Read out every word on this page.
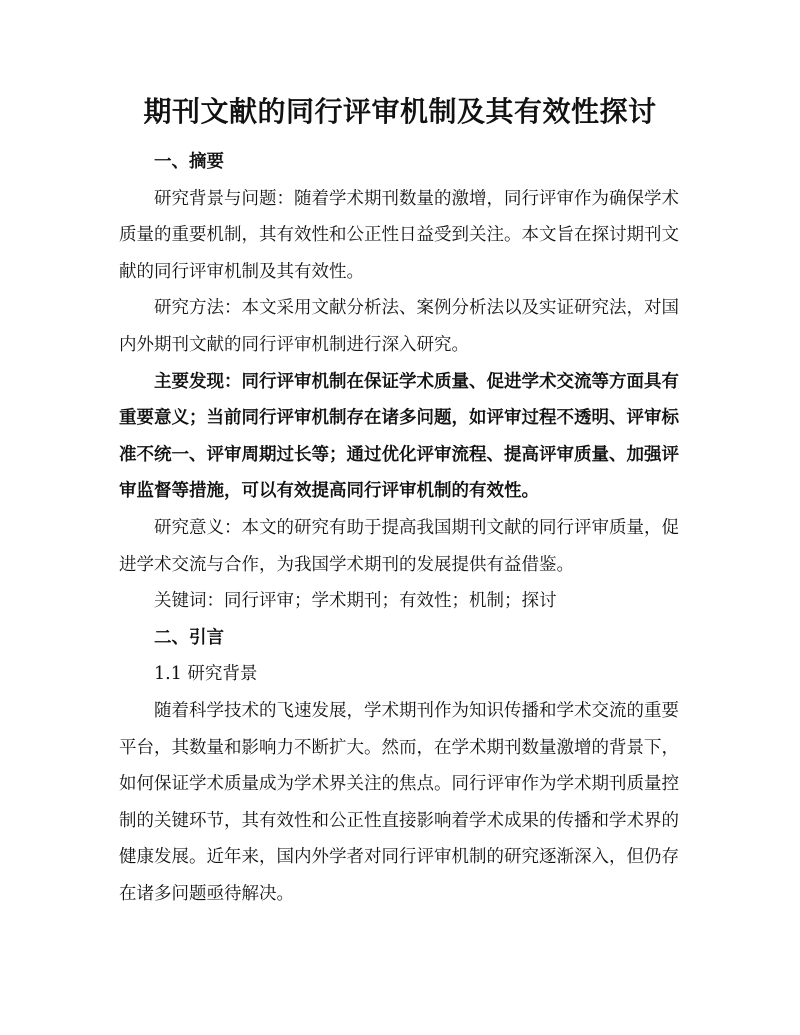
期刊文献的同行评审机制及其有效性探讨

一、摘要

研究背景与问题：随着学术期刊数量的激增，同行评审作为确保学术质量的重要机制，其有效性和公正性日益受到关注。本文旨在探讨期刊文献的同行评审机制及其有效性。

研究方法：本文采用文献分析法、案例分析法以及实证研究法，对国内外期刊文献的同行评审机制进行深入研究。

主要发现：同行评审机制在保证学术质量、促进学术交流等方面具有重要意义；当前同行评审机制存在诸多问题，如评审过程不透明、评审标准不统一、评审周期过长等；通过优化评审流程、提高评审质量、加强评审监督等措施，可以有效提高同行评审机制的有效性。

研究意义：本文的研究有助于提高我国期刊文献的同行评审质量，促进学术交流与合作，为我国学术期刊的发展提供有益借鉴。

关键词：同行评审；学术期刊；有效性；机制；探讨

二、引言

1.1 研究背景

随着科学技术的飞速发展，学术期刊作为知识传播和学术交流的重要平台，其数量和影响力不断扩大。然而，在学术期刊数量激增的背景下，如何保证学术质量成为学术界关注的焦点。同行评审作为学术期刊质量控制的关键环节，其有效性和公正性直接影响着学术成果的传播和学术界的健康发展。近年来，国内外学者对同行评审机制的研究逐渐深入，但仍存在诸多问题亟待解决。
